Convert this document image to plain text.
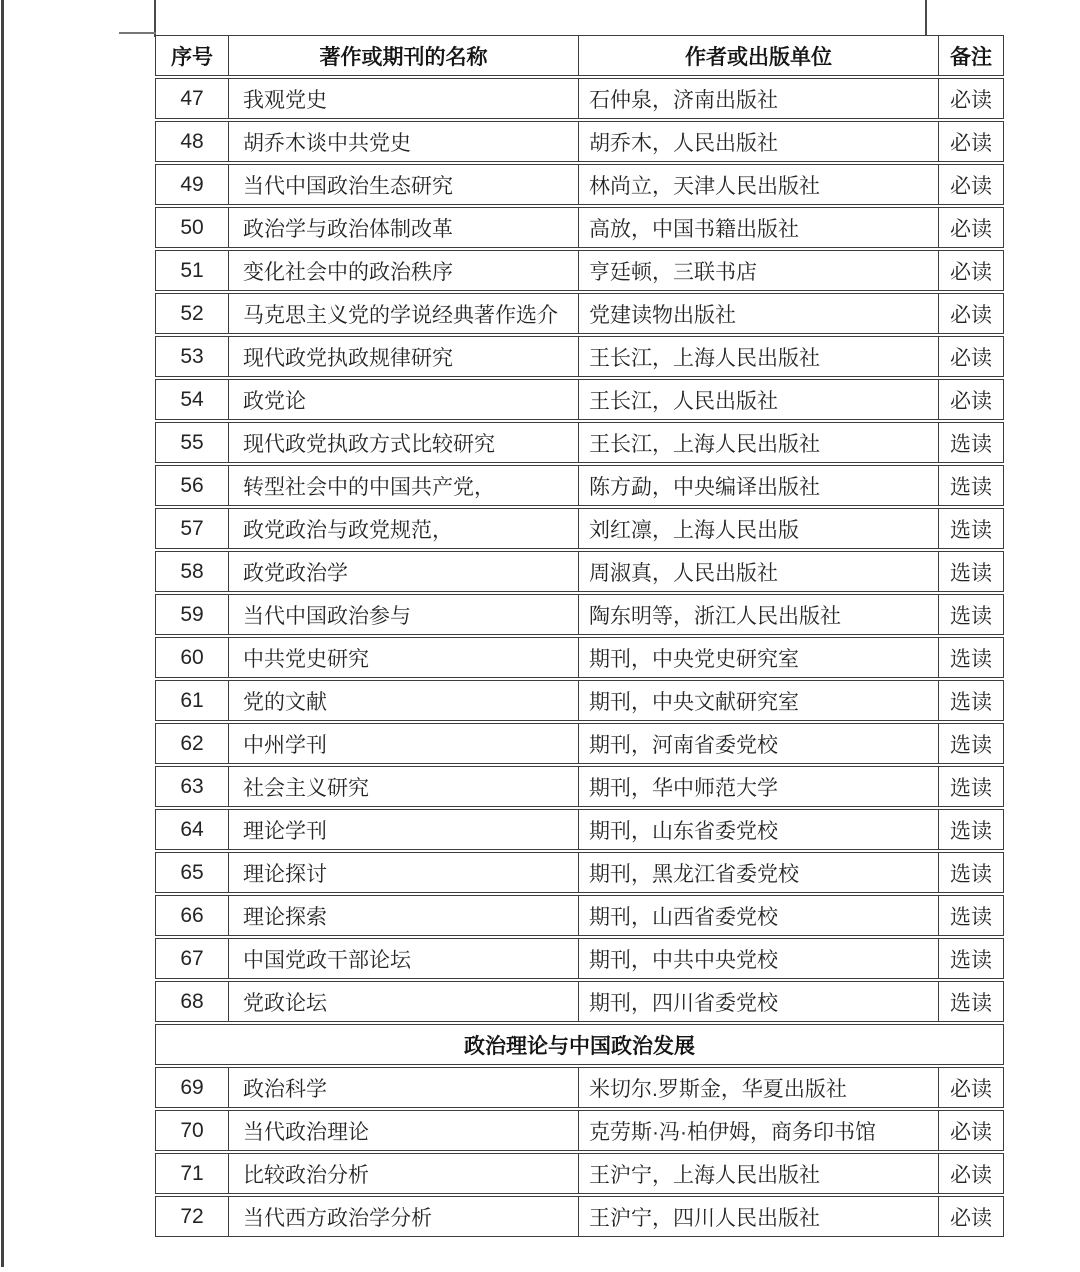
序号	著作或期刊的名称	作者或出版单位	备注
47	我观党史	石仲泉，济南出版社	必读
48	胡乔木谈中共党史	胡乔木，人民出版社	必读
49	当代中国政治生态研究	林尚立，天津人民出版社	必读
50	政治学与政治体制改革	高放，中国书籍出版社	必读
51	变化社会中的政治秩序	亨廷顿，三联书店	必读
52	马克思主义党的学说经典著作选介	党建读物出版社	必读
53	现代政党执政规律研究	王长江，上海人民出版社	必读
54	政党论	王长江，人民出版社	必读
55	现代政党执政方式比较研究	王长江，上海人民出版社	选读
56	转型社会中的中国共产党，	陈方勐，中央编译出版社	选读
57	政党政治与政党规范，	刘红凛，上海人民出版	选读
58	政党政治学	周淑真，人民出版社	选读
59	当代中国政治参与	陶东明等，浙江人民出版社	选读
60	中共党史研究	期刊，中央党史研究室	选读
61	党的文献	期刊，中央文献研究室	选读
62	中州学刊	期刊，河南省委党校	选读
63	社会主义研究	期刊，华中师范大学	选读
64	理论学刊	期刊，山东省委党校	选读
65	理论探讨	期刊，黑龙江省委党校	选读
66	理论探索	期刊，山西省委党校	选读
67	中国党政干部论坛	期刊，中共中央党校	选读
68	党政论坛	期刊，四川省委党校	选读
政治理论与中国政治发展
69	政治科学	米切尔.罗斯金，华夏出版社	必读
70	当代政治理论	克劳斯·冯·柏伊姆，商务印书馆	必读
71	比较政治分析	王沪宁，上海人民出版社	必读
72	当代西方政治学分析	王沪宁，四川人民出版社	必读
